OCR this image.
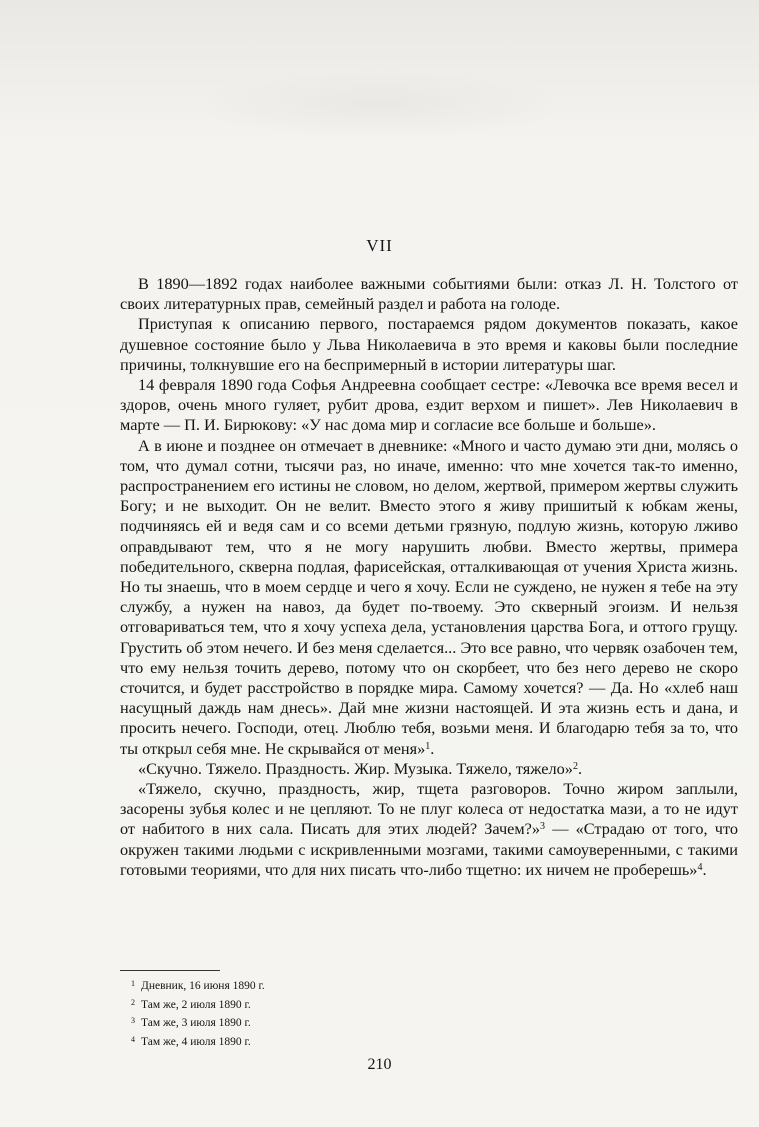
VII

В 1890—1892 годах наиболее важными событиями были: отказ Л. Н. Толстого от своих литературных прав, семейный раздел и работа на голоде.

Приступая к описанию первого, постараемся рядом документов показать, какое душевное состояние было у Льва Николаевича в это время и каковы были последние причины, толкнувшие его на беспримерный в истории литературы шаг.

14 февраля 1890 года Софья Андреевна сообщает сестре: «Левочка все время весел и здоров, очень много гуляет, рубит дрова, ездит верхом и пишет». Лев Николаевич в марте — П. И. Бирюкову: «У нас дома мир и согласие все больше и больше».

А в июне и позднее он отмечает в дневнике: «Много и часто думаю эти дни, молясь о том, что думал сотни, тысячи раз, но иначе, именно: что мне хочется так-то именно, распространением его истины не словом, но делом, жертвой, примером жертвы служить Богу; и не выходит. Он не велит. Вместо этого я живу пришитый к юбкам жены, подчиняясь ей и ведя сам и со всеми детьми грязную, подлую жизнь, которую лживо оправдывают тем, что я не могу нарушить любви. Вместо жертвы, примера победительного, скверна подлая, фарисейская, отталкивающая от учения Христа жизнь. Но ты знаешь, что в моем сердце и чего я хочу. Если не суждено, не нужен я тебе на эту службу, а нужен на навоз, да будет по-твоему. Это скверный эгоизм. И нельзя отговариваться тем, что я хочу успеха дела, установления царства Бога, и оттого грущу. Грустить об этом нечего. И без меня сделается... Это все равно, что червяк озабочен тем, что ему нельзя точить дерево, потому что он скорбеет, что без него дерево не скоро сточится, и будет расстройство в порядке мира. Самому хочется? — Да. Но «хлеб наш насущный даждь нам днесь». Дай мне жизни настоящей. И эта жизнь есть и дана, и просить нечего. Господи, отец. Люблю тебя, возьми меня. И благодарю тебя за то, что ты открыл себя мне. Не скрывайся от меня»$^1$.

«Скучно. Тяжело. Праздность. Жир. Музыка. Тяжело, тяжело»$^2$.

«Тяжело, скучно, праздность, жир, тщета разговоров. Точно жиром заплыли, засорены зубья колес и не цепляют. То не плуг колеса от недостатка мази, а то не идут от набитого в них сала. Писать для этих людей? Зачем?»$^3$ — «Страдаю от того, что окружен такими людьми с искривленными мозгами, такими самоуверенными, с такими готовыми теориями, что для них писать что-либо тщетно: их ничем не проберешь»$^4$.

$^1$ Дневник, 16 июня 1890 г.
$^2$ Там же, 2 июля 1890 г.
$^3$ Там же, 3 июля 1890 г.
$^4$ Там же, 4 июля 1890 г.
210
